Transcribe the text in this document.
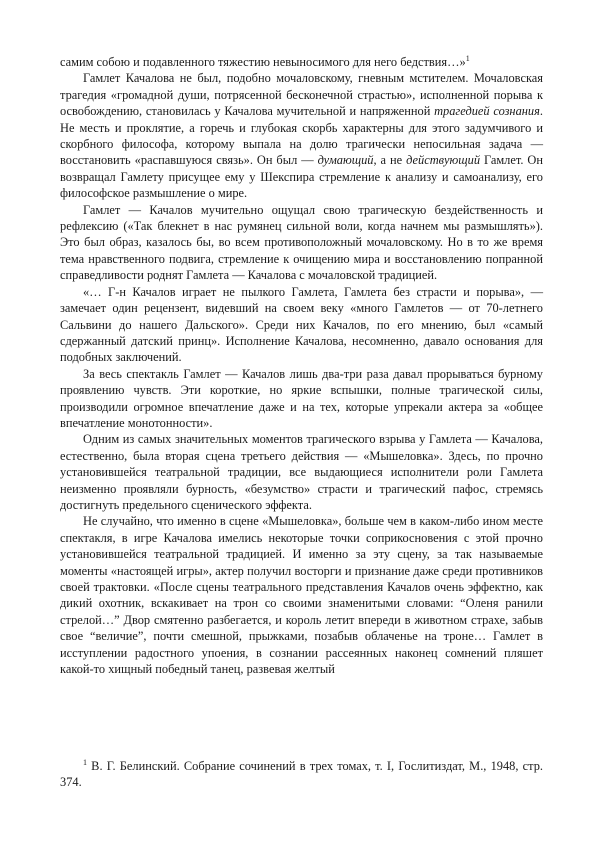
самим собою и подавленного тяжестию невыносимого для него бедствия…»$^1$

Гамлет Качалова не был, подобно мочаловскому, гневным мстителем. Мочаловская трагедия «громадной души, потрясенной бесконечной страстью», исполненной порыва к освобождению, становилась у Качалова мучительной и напряженной трагедией сознания. Не месть и проклятие, а горечь и глубокая скорбь характерны для этого задумчивого и скорбного философа, которому выпала на долю трагически непосильная задача — восстановить «распавшуюся связь». Он был — думающий, а не действующий Гамлет. Он возвращал Гамлету присущее ему у Шекспира стремление к анализу и самоанализу, его философское размышление о мире.

Гамлет — Качалов мучительно ощущал свою трагическую бездейственность и рефлексию («Так блекнет в нас румянец сильной воли, когда начнем мы размышлять»). Это был образ, казалось бы, во всем противоположный мочаловскому. Но в то же время тема нравственного подвига, стремление к очищению мира и восстановлению попранной справедливости роднят Гамлета — Качалова с мочаловской традицией.

«… Г-н Качалов играет не пылкого Гамлета, Гамлета без страсти и порыва», — замечает один рецензент, видевший на своем веку «много Гамлетов — от 70-летнего Сальвини до нашего Дальского». Среди них Качалов, по его мнению, был «самый сдержанный датский принц». Исполнение Качалова, несомненно, давало основания для подобных заключений.

За весь спектакль Гамлет — Качалов лишь два-три раза давал прорываться бурному проявлению чувств. Эти короткие, но яркие вспышки, полные трагической силы, производили огромное впечатление даже и на тех, которые упрекали актера за «общее впечатление монотонности».

Одним из самых значительных моментов трагического взрыва у Гамлета — Качалова, естественно, была вторая сцена третьего действия — «Мышеловка». Здесь, по прочно установившейся театральной традиции, все выдающиеся исполнители роли Гамлета неизменно проявляли бурность, «безумство» страсти и трагический пафос, стремясь достигнуть предельного сценического эффекта.

Не случайно, что именно в сцене «Мышеловка», больше чем в каком-либо ином месте спектакля, в игре Качалова имелись некоторые точки соприкосновения с этой прочно установившейся театральной традицией. И именно за эту сцену, за так называемые моменты «настоящей игры», актер получил восторги и признание даже среди противников своей трактовки. «После сцены театрального представления Качалов очень эффектно, как дикий охотник, вскакивает на трон со своими знаменитыми словами: “Оленя ранили стрелой…” Двор смятенно разбегается, и король летит впереди в животном страхе, забыв свое “величие”, почти смешной, прыжками, позабыв облаченье на троне… Гамлет в исступлении радостного упоения, в сознании рассеянных наконец сомнений пляшет какой-то хищный победный танец, развевая желтый

$^1$ В. Г. Белинский. Собрание сочинений в трех томах, т. I, Гослитиздат, М., 1948, стр. 374.
